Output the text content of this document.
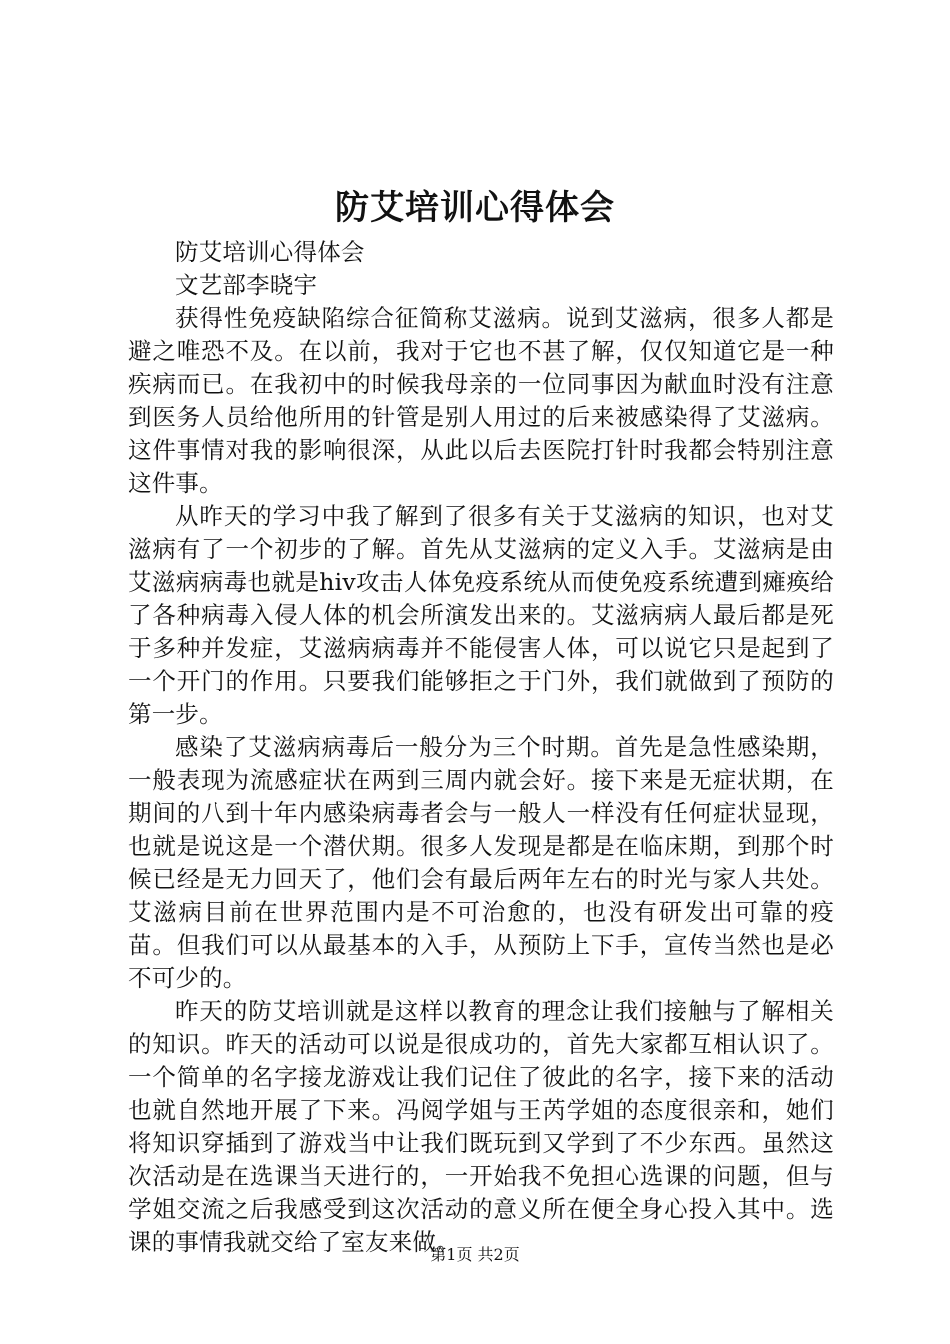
防艾培训心得体会

防艾培训心得体会

文艺部李晓宇

获得性免疫缺陷综合征简称艾滋病。说到艾滋病，很多人都是避之唯恐不及。在以前，我对于它也不甚了解，仅仅知道它是一种疾病而已。在我初中的时候我母亲的一位同事因为献血时没有注意到医务人员给他所用的针管是别人用过的后来被感染得了艾滋病。这件事情对我的影响很深，从此以后去医院打针时我都会特别注意这件事。

从昨天的学习中我了解到了很多有关于艾滋病的知识，也对艾滋病有了一个初步的了解。首先从艾滋病的定义入手。艾滋病是由艾滋病病毒也就是hiv攻击人体免疫系统从而使免疫系统遭到瘫痪给了各种病毒入侵人体的机会所演发出来的。艾滋病病人最后都是死于多种并发症，艾滋病病毒并不能侵害人体，可以说它只是起到了一个开门的作用。只要我们能够拒之于门外，我们就做到了预防的第一步。

感染了艾滋病病毒后一般分为三个时期。首先是急性感染期，一般表现为流感症状在两到三周内就会好。接下来是无症状期，在期间的八到十年内感染病毒者会与一般人一样没有任何症状显现，也就是说这是一个潜伏期。很多人发现是都是在临床期，到那个时候已经是无力回天了，他们会有最后两年左右的时光与家人共处。艾滋病目前在世界范围内是不可治愈的，也没有研发出可靠的疫苗。但我们可以从最基本的入手，从预防上下手，宣传当然也是必不可少的。

昨天的防艾培训就是这样以教育的理念让我们接触与了解相关的知识。昨天的活动可以说是很成功的，首先大家都互相认识了。一个简单的名字接龙游戏让我们记住了彼此的名字，接下来的活动也就自然地开展了下来。冯阅学姐与王芮学姐的态度很亲和，她们将知识穿插到了游戏当中让我们既玩到又学到了不少东西。虽然这次活动是在选课当天进行的，一开始我不免担心选课的问题，但与学姐交流之后我感受到这次活动的意义所在便全身心投入其中。选课的事情我就交给了室友来做。

第1页 共2页
